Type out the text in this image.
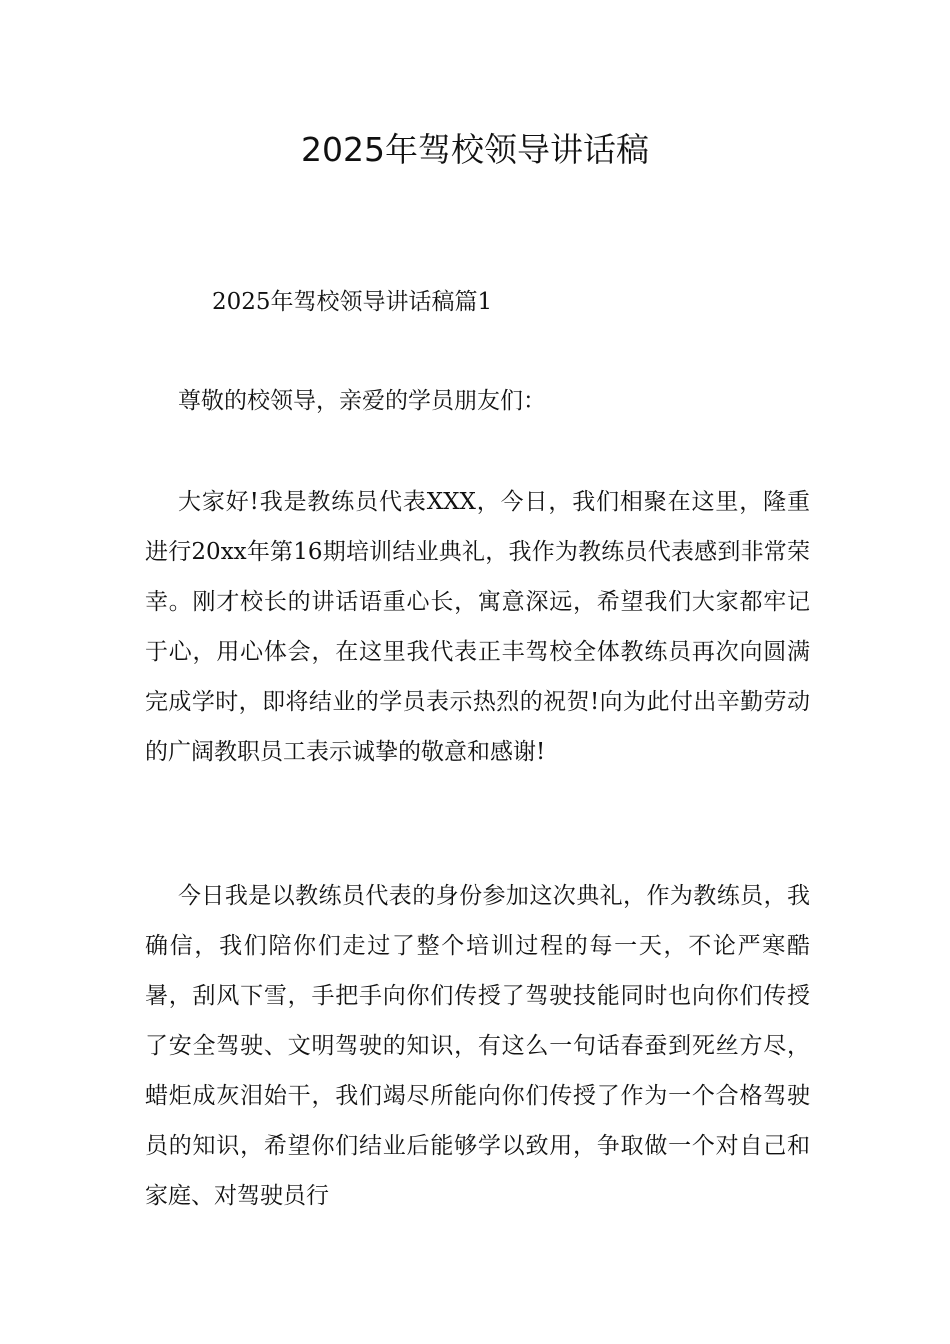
2025年驾校领导讲话稿

2025年驾校领导讲话稿篇1

尊敬的校领导，亲爱的学员朋友们：

大家好!我是教练员代表XXX，今日，我们相聚在这里，隆重进行20xx年第16期培训结业典礼，我作为教练员代表感到非常荣幸。刚才校长的讲话语重心长，寓意深远，希望我们大家都牢记于心，用心体会，在这里我代表正丰驾校全体教练员再次向圆满完成学时，即将结业的学员表示热烈的祝贺!向为此付出辛勤劳动的广阔教职员工表示诚挚的敬意和感谢!

今日我是以教练员代表的身份参加这次典礼，作为教练员，我确信，我们陪你们走过了整个培训过程的每一天，不论严寒酷暑，刮风下雪，手把手向你们传授了驾驶技能同时也向你们传授了安全驾驶、文明驾驶的知识，有这么一句话春蚕到死丝方尽，蜡炬成灰泪始干，我们竭尽所能向你们传授了作为一个合格驾驶员的知识，希望你们结业后能够学以致用，争取做一个对自己和家庭、对驾驶员行
